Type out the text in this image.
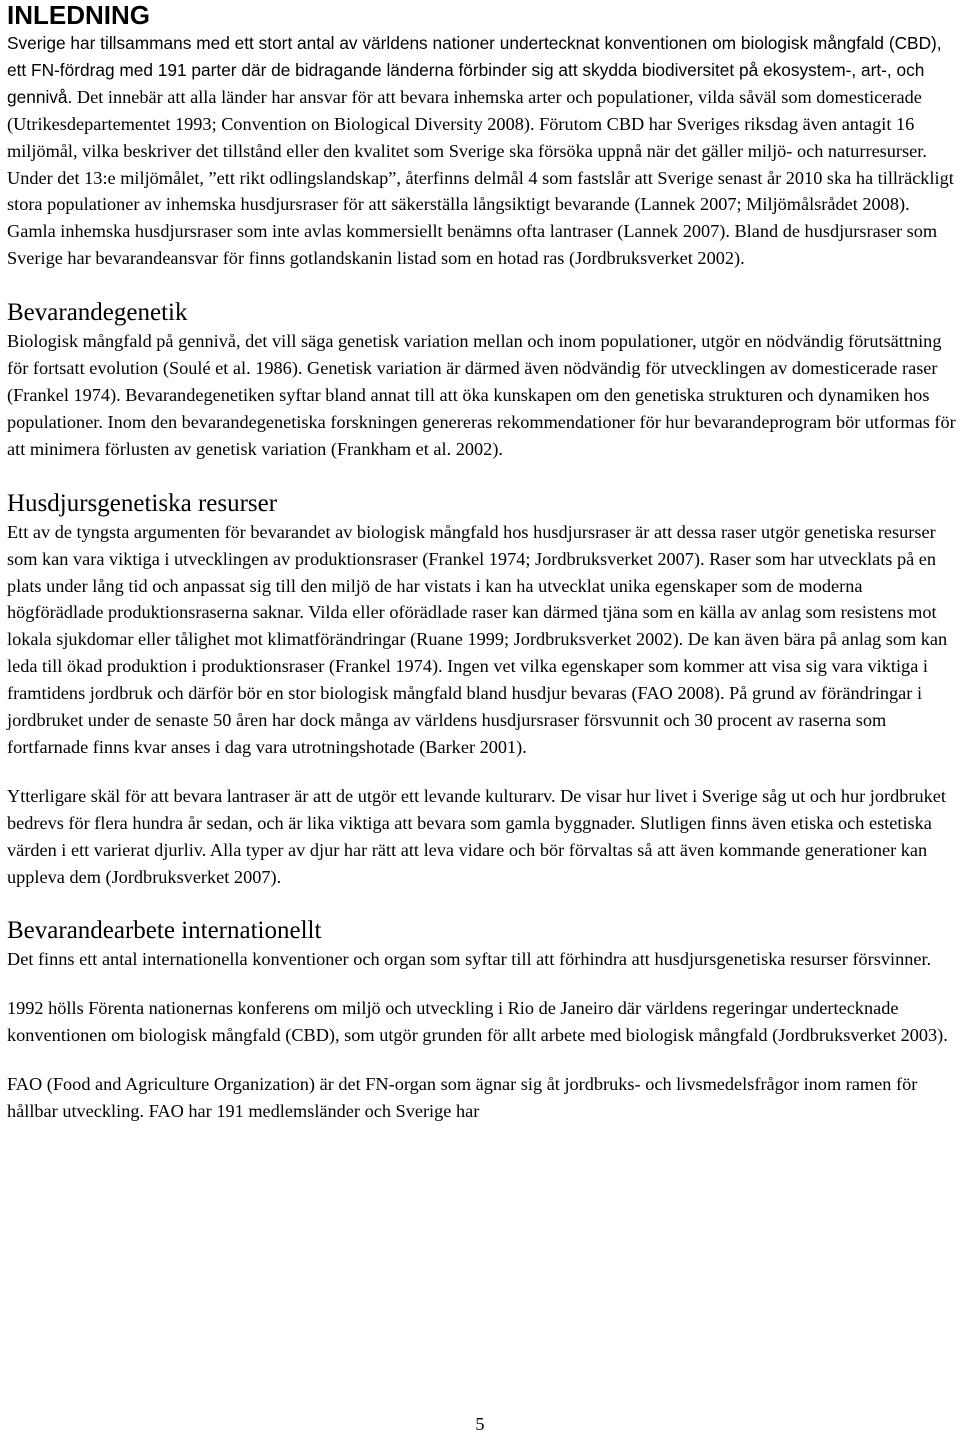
INLEDNING

Sverige har tillsammans med ett stort antal av världens nationer undertecknat konventionen om biologisk mångfald (CBD), ett FN-fördrag med 191 parter där de bidragande länderna förbinder sig att skydda biodiversitet på ekosystem-, art-, och gennivå. Det innebär att alla länder har ansvar för att bevara inhemska arter och populationer, vilda såväl som domesticerade (Utrikesdepartementet 1993; Convention on Biological Diversity 2008). Förutom CBD har Sveriges riksdag även antagit 16 miljömål, vilka beskriver det tillstånd eller den kvalitet som Sverige ska försöka uppnå när det gäller miljö- och naturresurser. Under det 13:e miljömålet, ”ett rikt odlingslandskap”, återfinns delmål 4 som fastslår att Sverige senast år 2010 ska ha tillräckligt stora populationer av inhemska husdjursraser för att säkerställa långsiktigt bevarande (Lannek 2007; Miljömålsrådet 2008). Gamla inhemska husdjursraser som inte avlas kommersiellt benämns ofta lantraser (Lannek 2007). Bland de husdjursraser som Sverige har bevarandeansvar för finns gotlandskanin listad som en hotad ras (Jordbruksverket 2002).

Bevarandegenetik

Biologisk mångfald på gennivå, det vill säga genetisk variation mellan och inom populationer, utgör en nödvändig förutsättning för fortsatt evolution (Soulé et al. 1986). Genetisk variation är därmed även nödvändig för utvecklingen av domesticerade raser (Frankel 1974). Bevarandegenetiken syftar bland annat till att öka kunskapen om den genetiska strukturen och dynamiken hos populationer. Inom den bevarandegenetiska forskningen genereras rekommendationer för hur bevarandeprogram bör utformas för att minimera förlusten av genetisk variation (Frankham et al. 2002).

Husdjursgenetiska resurser

Ett av de tyngsta argumenten för bevarandet av biologisk mångfald hos husdjursraser är att dessa raser utgör genetiska resurser som kan vara viktiga i utvecklingen av produktionsraser (Frankel 1974; Jordbruksverket 2007). Raser som har utvecklats på en plats under lång tid och anpassat sig till den miljö de har vistats i kan ha utvecklat unika egenskaper som de moderna högförädlade produktionsraserna saknar. Vilda eller oförädlade raser kan därmed tjäna som en källa av anlag som resistens mot lokala sjukdomar eller tålighet mot klimatförändringar (Ruane 1999; Jordbruksverket 2002). De kan även bära på anlag som kan leda till ökad produktion i produktionsraser (Frankel 1974). Ingen vet vilka egenskaper som kommer att visa sig vara viktiga i framtidens jordbruk och därför bör en stor biologisk mångfald bland husdjur bevaras (FAO 2008). På grund av förändringar i jordbruket under de senaste 50 åren har dock många av världens husdjursraser försvunnit och 30 procent av raserna som fortfarnade finns kvar anses i dag vara utrotningshotade (Barker 2001).

Ytterligare skäl för att bevara lantraser är att de utgör ett levande kulturarv. De visar hur livet i Sverige såg ut och hur jordbruket bedrevs för flera hundra år sedan, och är lika viktiga att bevara som gamla byggnader. Slutligen finns även etiska och estetiska värden i ett varierat djurliv. Alla typer av djur har rätt att leva vidare och bör förvaltas så att även kommande generationer kan uppleva dem (Jordbruksverket 2007).

Bevarandearbete internationellt

Det finns ett antal internationella konventioner och organ som syftar till att förhindra att husdjursgenetiska resurser försvinner.

1992 hölls Förenta nationernas konferens om miljö och utveckling i Rio de Janeiro där världens regeringar undertecknade konventionen om biologisk mångfald (CBD), som utgör grunden för allt arbete med biologisk mångfald (Jordbruksverket 2003).

FAO (Food and Agriculture Organization) är det FN-organ som ägnar sig åt jordbruks- och livsmedelsfrågor inom ramen för hållbar utveckling. FAO har 191 medlemsländer och Sverige har

5
